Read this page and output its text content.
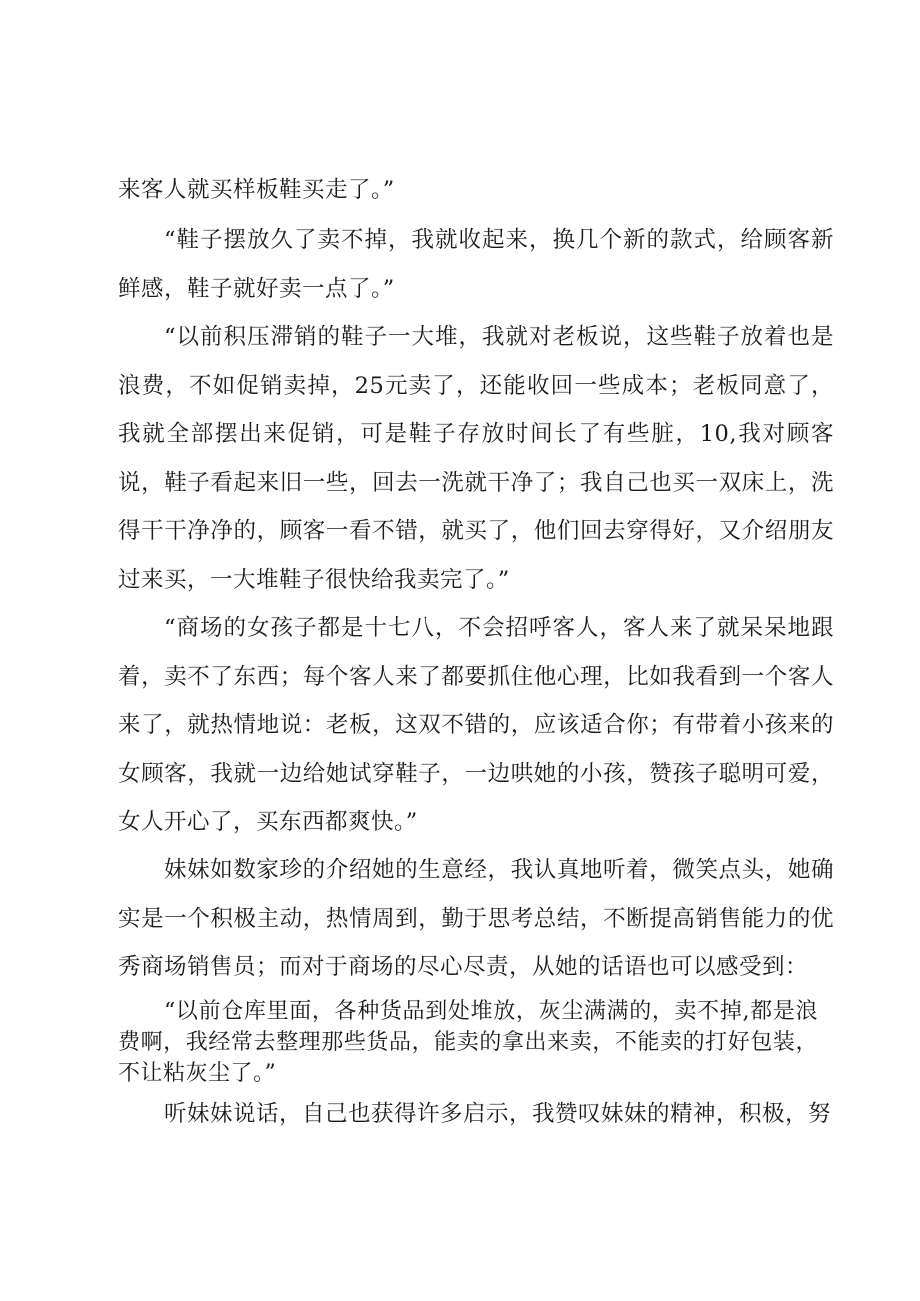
来客人就买样板鞋买走了。”

“鞋子摆放久了卖不掉，我就收起来，换几个新的款式，给顾客新鲜感，鞋子就好卖一点了。”

“以前积压滞销的鞋子一大堆，我就对老板说，这些鞋子放着也是浪费，不如促销卖掉，25元卖了，还能收回一些成本；老板同意了，我就全部摆出来促销，可是鞋子存放时间长了有些脏，10,我对顾客说，鞋子看起来旧一些，回去一洗就干净了；我自己也买一双床上，洗得干干净净的，顾客一看不错，就买了，他们回去穿得好，又介绍朋友过来买，一大堆鞋子很快给我卖完了。”

“商场的女孩子都是十七八，不会招呼客人，客人来了就呆呆地跟着，卖不了东西；每个客人来了都要抓住他心理，比如我看到一个客人来了，就热情地说：老板，这双不错的，应该适合你；有带着小孩来的女顾客，我就一边给她试穿鞋子，一边哄她的小孩，赞孩子聪明可爱，女人开心了，买东西都爽快。”

妹妹如数家珍的介绍她的生意经，我认真地听着，微笑点头，她确实是一个积极主动，热情周到，勤于思考总结，不断提高销售能力的优秀商场销售员；而对于商场的尽心尽责，从她的话语也可以感受到：

“以前仓库里面，各种货品到处堆放，灰尘满满的，卖不掉,都是浪费啊，我经常去整理那些货品，能卖的拿出来卖，不能卖的打好包装，不让粘灰尘了。”

听妹妹说话，自己也获得许多启示，我赞叹妹妹的精神，积极，努
